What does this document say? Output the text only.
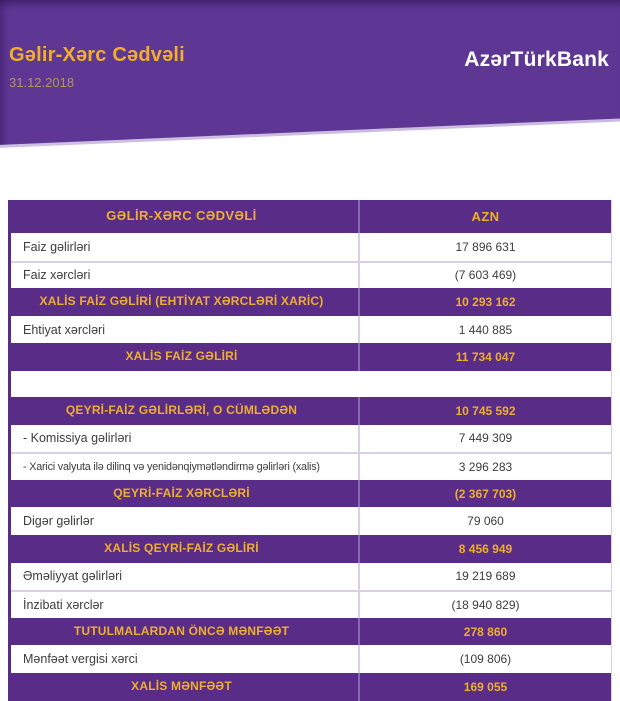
Gəlir-Xərc Cədvəli
31.12.2018
AzərTürkBank
GƏLİR-XƏRC CƏDVƏLİ	AZN
Faiz gəlirləri	17 896 631
Faiz xərcləri	(7 603 469)
XALİS FAİZ GƏLİRİ (EHTİYAT XƏRCLƏRİ XARİC)	10 293 162
Ehtiyat xərcləri	1 440 885
XALİS FAİZ GƏLİRİ	11 734 047
QEYRİ-FAİZ GƏLİRLƏRİ, O CÜMLƏDƏN	10 745 592
- Komissiya gəlirləri	7 449 309
- Xarici valyuta ilə dilinq və yenidənqiymətləndirmə gəlirləri (xalis)	3 296 283
QEYRİ-FAİZ XƏRCLƏRİ	(2 367 703)
Digər gəlirlər	79 060
XALİS QEYRİ-FAİZ GƏLİRİ	8 456 949
Əməliyyat gəlirləri	19 219 689
İnzibati xərclər	(18 940 829)
TUTULMALARDAN ÖNCƏ MƏNFƏƏT	278 860
Mənfəət vergisi xərci	(109 806)
XALİS MƏNFƏƏT	169 055
